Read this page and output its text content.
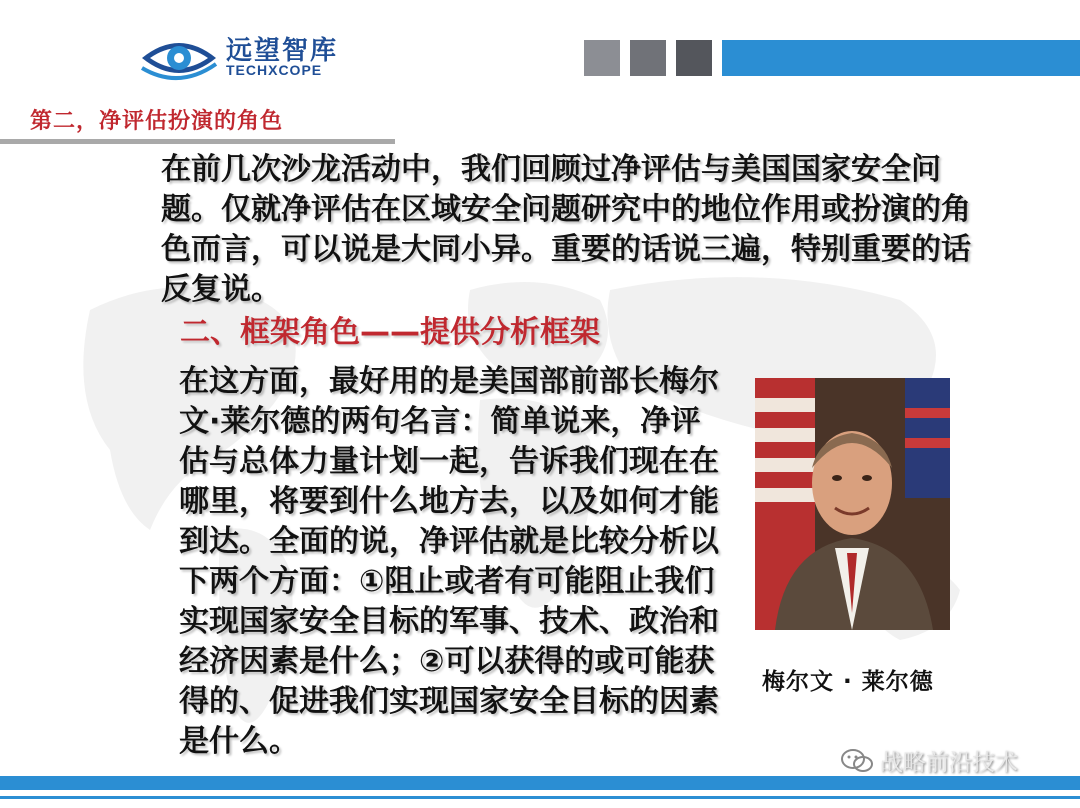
远望智库
TECHXCOPE
第二，净评估扮演的角色
在前几次沙龙活动中，我们回顾过净评估与美国国家安全问题。仅就净评估在区域安全问题研究中的地位作用或扮演的角色而言，可以说是大同小异。重要的话说三遍，特别重要的话反复说。
二、框架角色——提供分析框架
在这方面，最好用的是美国部前部长梅尔文·莱尔德的两句名言：简单说来，净评估与总体力量计划一起，告诉我们现在在哪里，将要到什么地方去，以及如何才能到达。全面的说，净评估就是比较分析以下两个方面：①阻止或者有可能阻止我们实现国家安全目标的军事、技术、政治和经济因素是什么；②可以获得的或可能获得的、促进我们实现国家安全目标的因素是什么。
梅尔文 · 莱尔德
战略前沿技术
